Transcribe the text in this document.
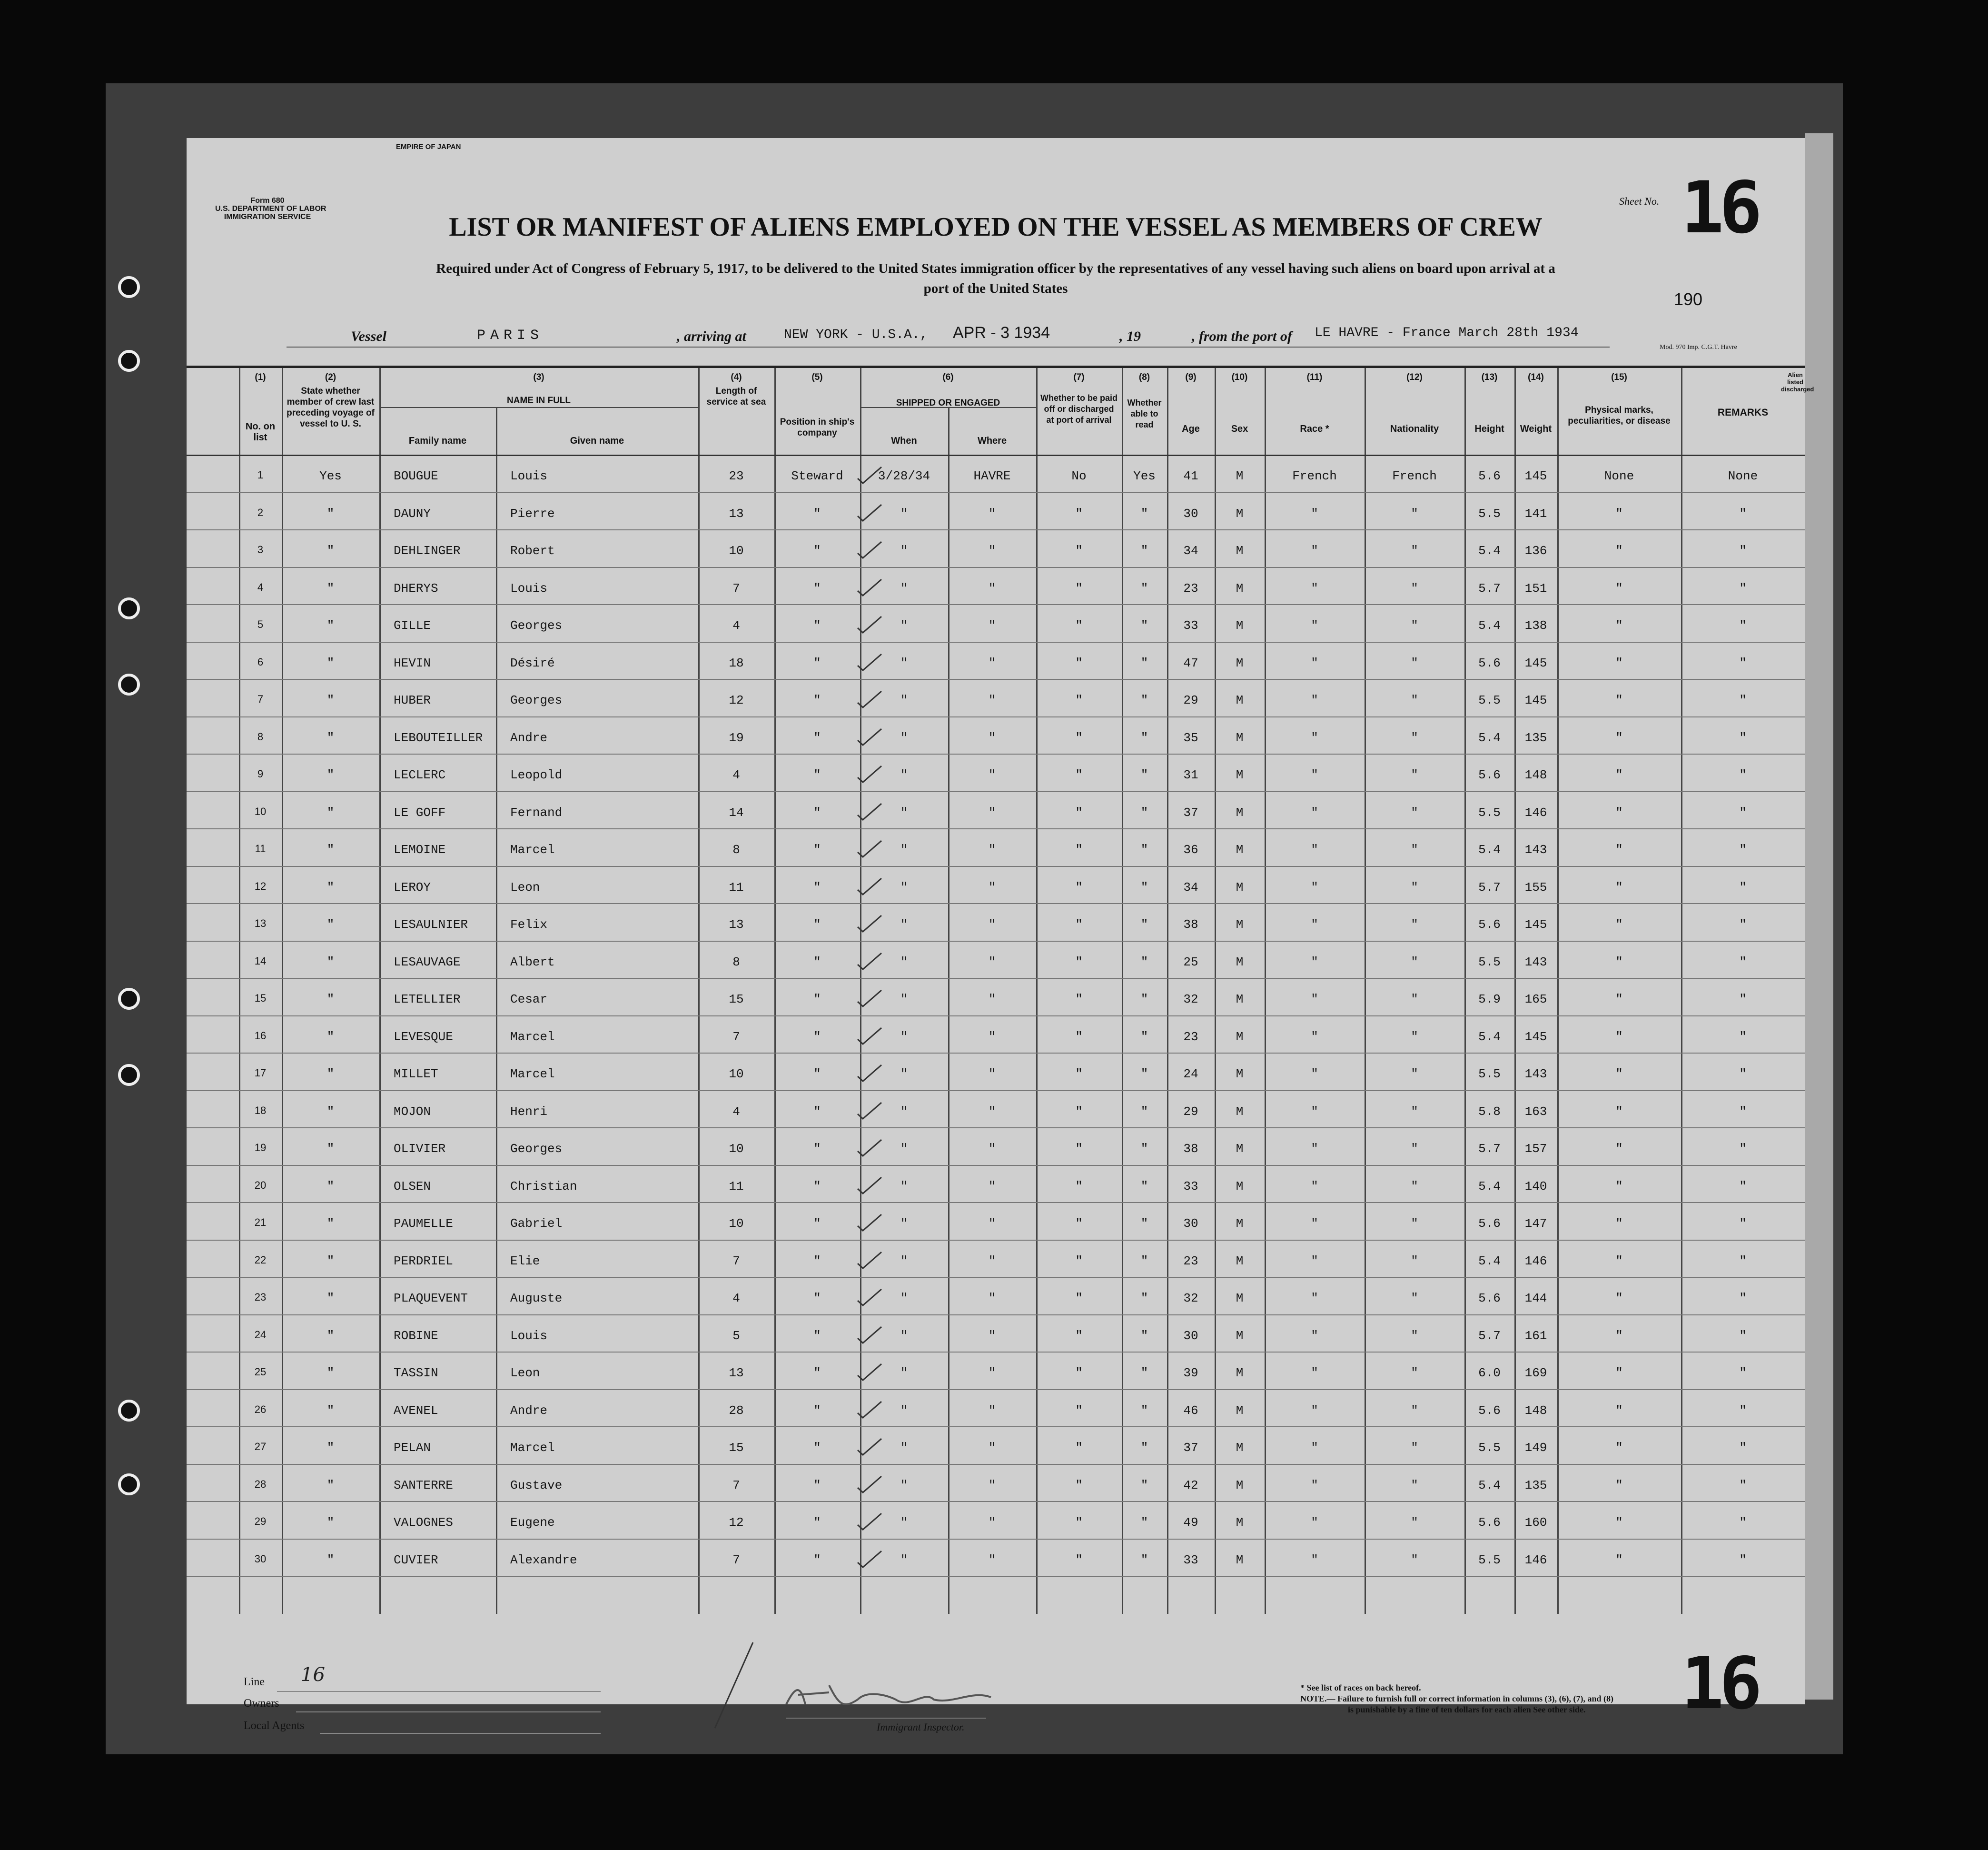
EMPIRE OF JAPAN
Form 680
U.S. DEPARTMENT OF LABOR
IMMIGRATION SERVICE
Sheet No. 16
LIST OR MANIFEST OF ALIENS EMPLOYED ON THE VESSEL AS MEMBERS OF CREW
Required under Act of Congress of February 5, 1917, to be delivered to the United States immigration officer by the representatives of any vessel having such aliens on board upon arrival at a
port of the United States
190
Vessel	PARIS	, arriving at	NEW YORK - U.S.A., APR - 3 1934	, 19	, from the port of LE HAVRE - France March 28th 1934
Mod. 970 Imp. C.G.T. Havre
(1)
No. on list
(2)
State whether member of crew last preceding voyage of vessel to U. S.
(3)
NAME IN FULL
(4)
Length of service at sea
(5)
Position in ship's company
(6)
SHIPPED OR ENGAGED
(7)
Whether to be paid off or discharged at port of arrival
(8)
Whether able to read
(9)
Age
(10)
Sex
(11)
Race *
(12)
Nationality
(13)
Height
(14)
Weight
(15)
Physical marks, peculiarities, or disease
REMARKS
Family name	Given name	When	Where
Alien listed discharged
1	Yes	BOUGUE	Louis	23	Steward	3/28/34	HAVRE	No	Yes	41	M	French	French	5.6	145	None	None
2	"	DAUNY	Pierre	13	"	"	"	"	"	30	M	"	"	5.5	141	"	"
3	"	DEHLINGER	Robert	10	"	"	"	"	"	34	M	"	"	5.4	136	"	"
4	"	DHERYS	Louis	7	"	"	"	"	"	23	M	"	"	5.7	151	"	"
5	"	GILLE	Georges	4	"	"	"	"	"	33	M	"	"	5.4	138	"	"
6	"	HEVIN	Désiré	18	"	"	"	"	"	47	M	"	"	5.6	145	"	"
7	"	HUBER	Georges	12	"	"	"	"	"	29	M	"	"	5.5	145	"	"
8	"	LEBOUTEILLER Andre	19	"	"	"	"	"	35	M	"	"	5.4	135	"	"
9	"	LECLERC	Leopold	4	"	"	"	"	"	31	M	"	"	5.6	148	"	"
10	"	LE GOFF	Fernand	14	"	"	"	"	"	37	M	"	"	5.5	146	"	"
11	"	LEMOINE	Marcel	8	"	"	"	"	"	36	M	"	"	5.4	143	"	"
12	"	LEROY	Leon	11	"	"	"	"	"	34	M	"	"	5.7	155	"	"
13	"	LESAULNIER	Felix	13	"	"	"	"	"	38	M	"	"	5.6	145	"	"
14	"	LESAUVAGE	Albert	8	"	"	"	"	"	25	M	"	"	5.5	143	"	"
15	"	LETELLIER	Cesar	15	"	"	"	"	"	32	M	"	"	5.9	165	"	"
16	"	LEVESQUE	Marcel	7	"	"	"	"	"	23	M	"	"	5.4	145	"	"
17	"	MILLET	Marcel	10	"	"	"	"	"	24	M	"	"	5.5	143	"	"
18	"	MOJON	Henri	4	"	"	"	"	"	29	M	"	"	5.8	163	"	"
19	"	OLIVIER	Georges	10	"	"	"	"	"	38	M	"	"	5.7	157	"	"
20	"	OLSEN	Christian	11	"	"	"	"	"	33	M	"	"	5.4	140	"	"
21	"	PAUMELLE	Gabriel	10	"	"	"	"	"	30	M	"	"	5.6	147	"	"
22	"	PERDRIEL	Elie	7	"	"	"	"	"	23	M	"	"	5.4	146	"	"
23	"	PLAQUEVENT	Auguste	4	"	"	"	"	"	32	M	"	"	5.6	144	"	"
24	"	ROBINE	Louis	5	"	"	"	"	"	30	M	"	"	5.7	161	"	"
25	"	TASSIN	Leon	13	"	"	"	"	"	39	M	"	"	6.0	169	"	"
26	"	AVENEL	Andre	28	"	"	"	"	"	46	M	"	"	5.6	148	"	"
27	"	PELAN	Marcel	15	"	"	"	"	"	37	M	"	"	5.5	149	"	"
28	"	SANTERRE	Gustave	7	"	"	"	"	"	42	M	"	"	5.4	135	"	"
29	"	VALOGNES	Eugene	12	"	"	"	"	"	49	M	"	"	5.6	160	"	"
30	"	CUVIER	Alexandre	7	"	"	"	"	"	33	M	"	"	5.5	146	"	"
Line 16
Owners
Local Agents	Immigrant Inspector.
* See list of races on back hereof.
NOTE.— Failure to furnish full or correct information in columns (3), (6), (7), and (8)
is punishable by a fine of ten dollars for each alien See other side. 16
